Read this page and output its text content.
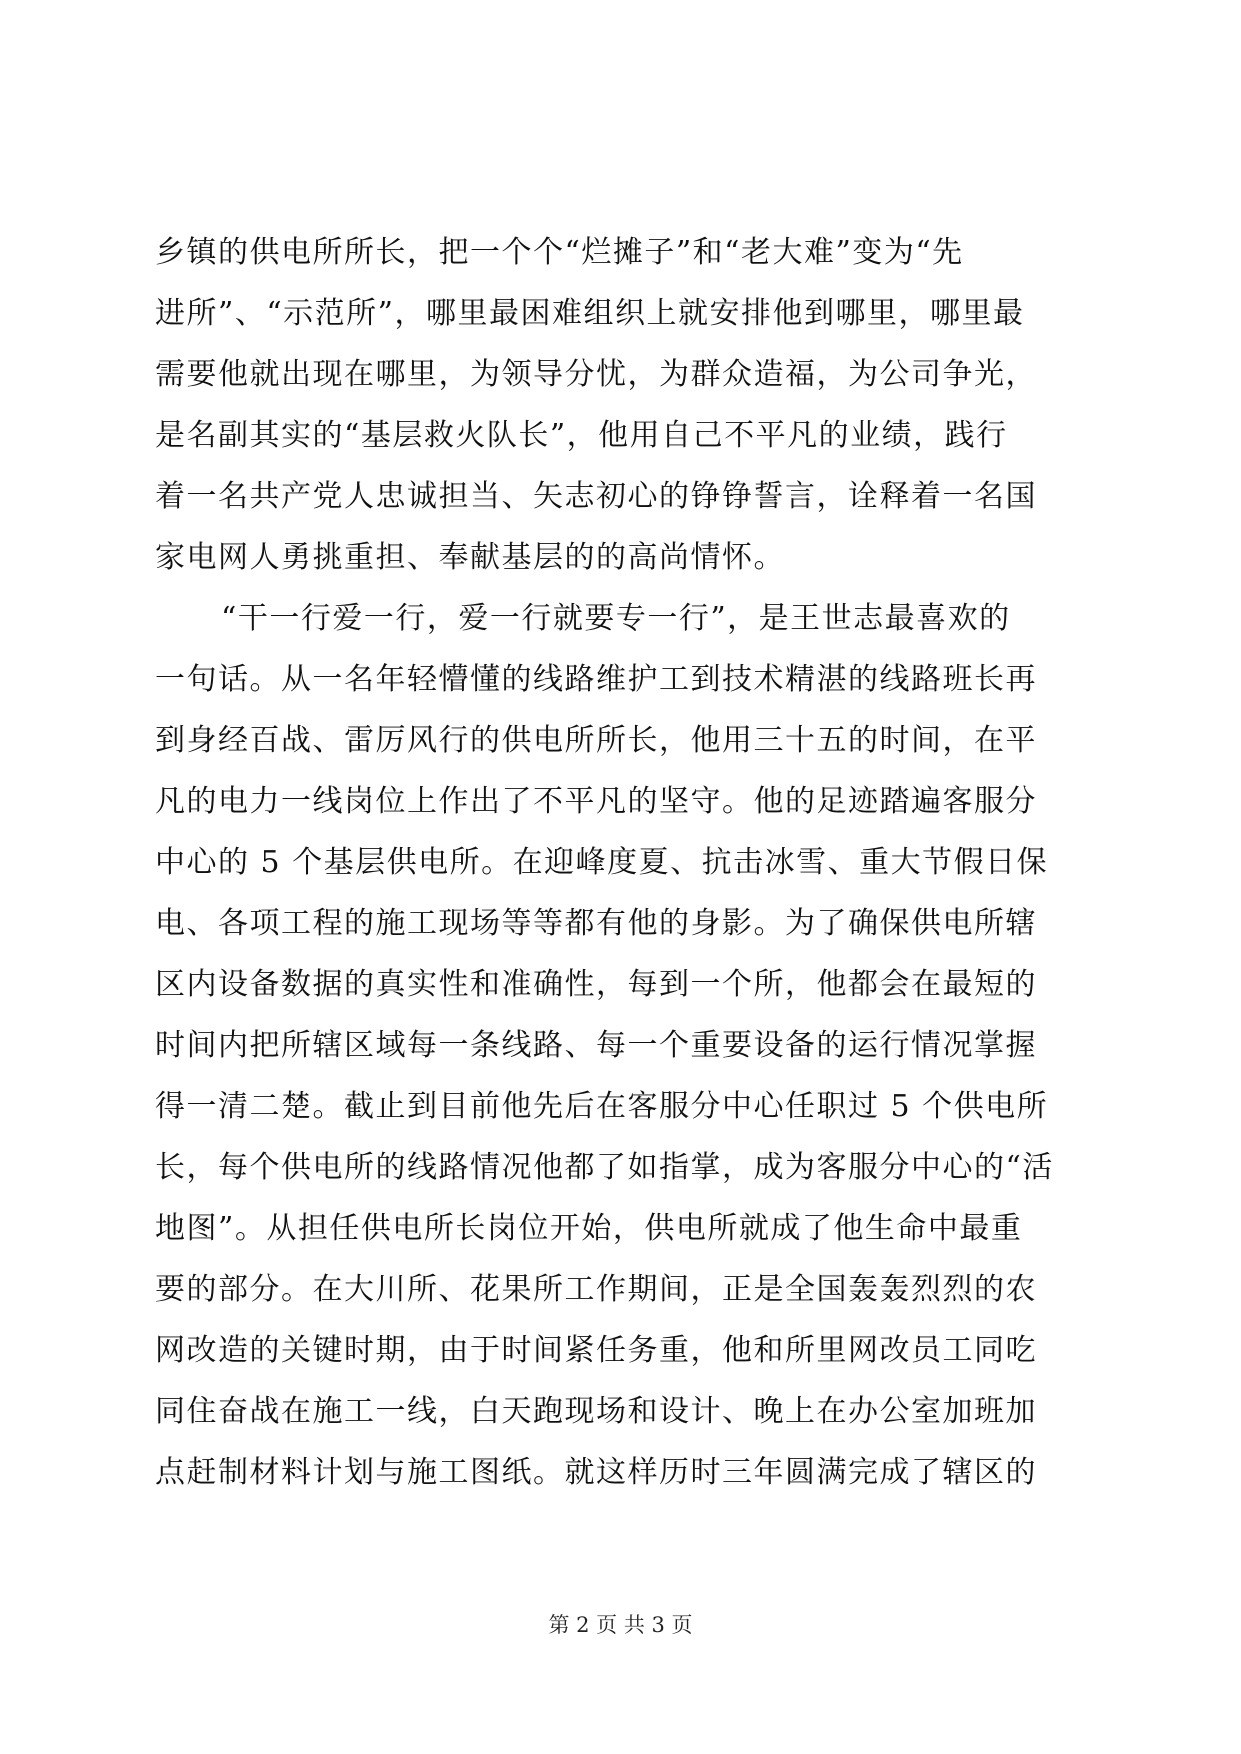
乡镇的供电所所长，把一个个“烂摊子”和“老大难”变为“先
进所”、“示范所”，哪里最困难组织上就安排他到哪里，哪里最
需要他就出现在哪里，为领导分忧，为群众造福，为公司争光，
是名副其实的“基层救火队长”，他用自己不平凡的业绩，践行
着一名共产党人忠诚担当、矢志初心的铮铮誓言，诠释着一名国
家电网人勇挑重担、奉献基层的的高尚情怀。
“干一行爱一行，爱一行就要专一行”，是王世志最喜欢的
一句话。从一名年轻懵懂的线路维护工到技术精湛的线路班长再
到身经百战、雷厉风行的供电所所长，他用三十五的时间，在平
凡的电力一线岗位上作出了不平凡的坚守。他的足迹踏遍客服分
中心的 5 个基层供电所。在迎峰度夏、抗击冰雪、重大节假日保
电、各项工程的施工现场等等都有他的身影。为了确保供电所辖
区内设备数据的真实性和准确性，每到一个所，他都会在最短的
时间内把所辖区域每一条线路、每一个重要设备的运行情况掌握
得一清二楚。截止到目前他先后在客服分中心任职过 5 个供电所
长，每个供电所的线路情况他都了如指掌，成为客服分中心的“活
地图”。从担任供电所长岗位开始，供电所就成了他生命中最重
要的部分。在大川所、花果所工作期间，正是全国轰轰烈烈的农
网改造的关键时期，由于时间紧任务重，他和所里网改员工同吃
同住奋战在施工一线，白天跑现场和设计、晚上在办公室加班加
点赶制材料计划与施工图纸。就这样历时三年圆满完成了辖区的
第 2 页 共 3 页
